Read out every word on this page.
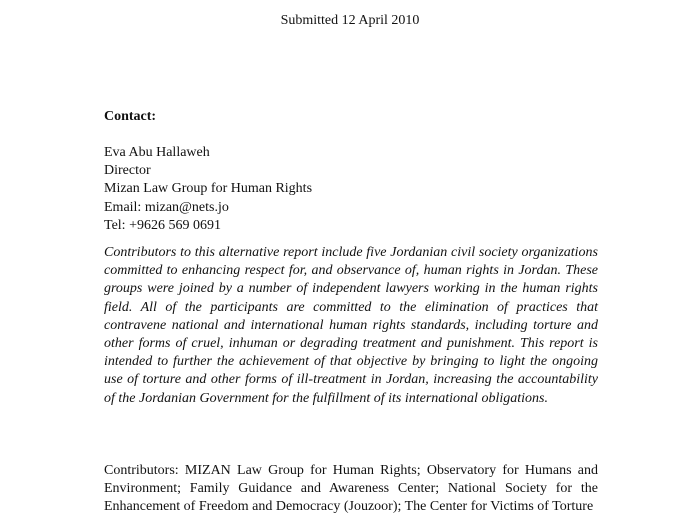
Submitted 12 April 2010
Contact:
Eva Abu Hallaweh
Director
Mizan Law Group for Human Rights
Email: mizan@nets.jo
Tel: +9626 569 0691
Contributors to this alternative report include five Jordanian civil society organizations committed to enhancing respect for, and observance of, human rights in Jordan. These groups were joined by a number of independent lawyers working in the human rights field. All of the participants are committed to the elimination of practices that contravene national and international human rights standards, including torture and other forms of cruel, inhuman or degrading treatment and punishment. This report is intended to further the achievement of that objective by bringing to light the ongoing use of torture and other forms of ill-treatment in Jordan, increasing the accountability of the Jordanian Government for the fulfillment of its international obligations.
Contributors: MIZAN Law Group for Human Rights; Observatory for Humans and Environment; Family Guidance and Awareness Center; National Society for the Enhancement of Freedom and Democracy (Jouzoor); The Center for Victims of Torture
